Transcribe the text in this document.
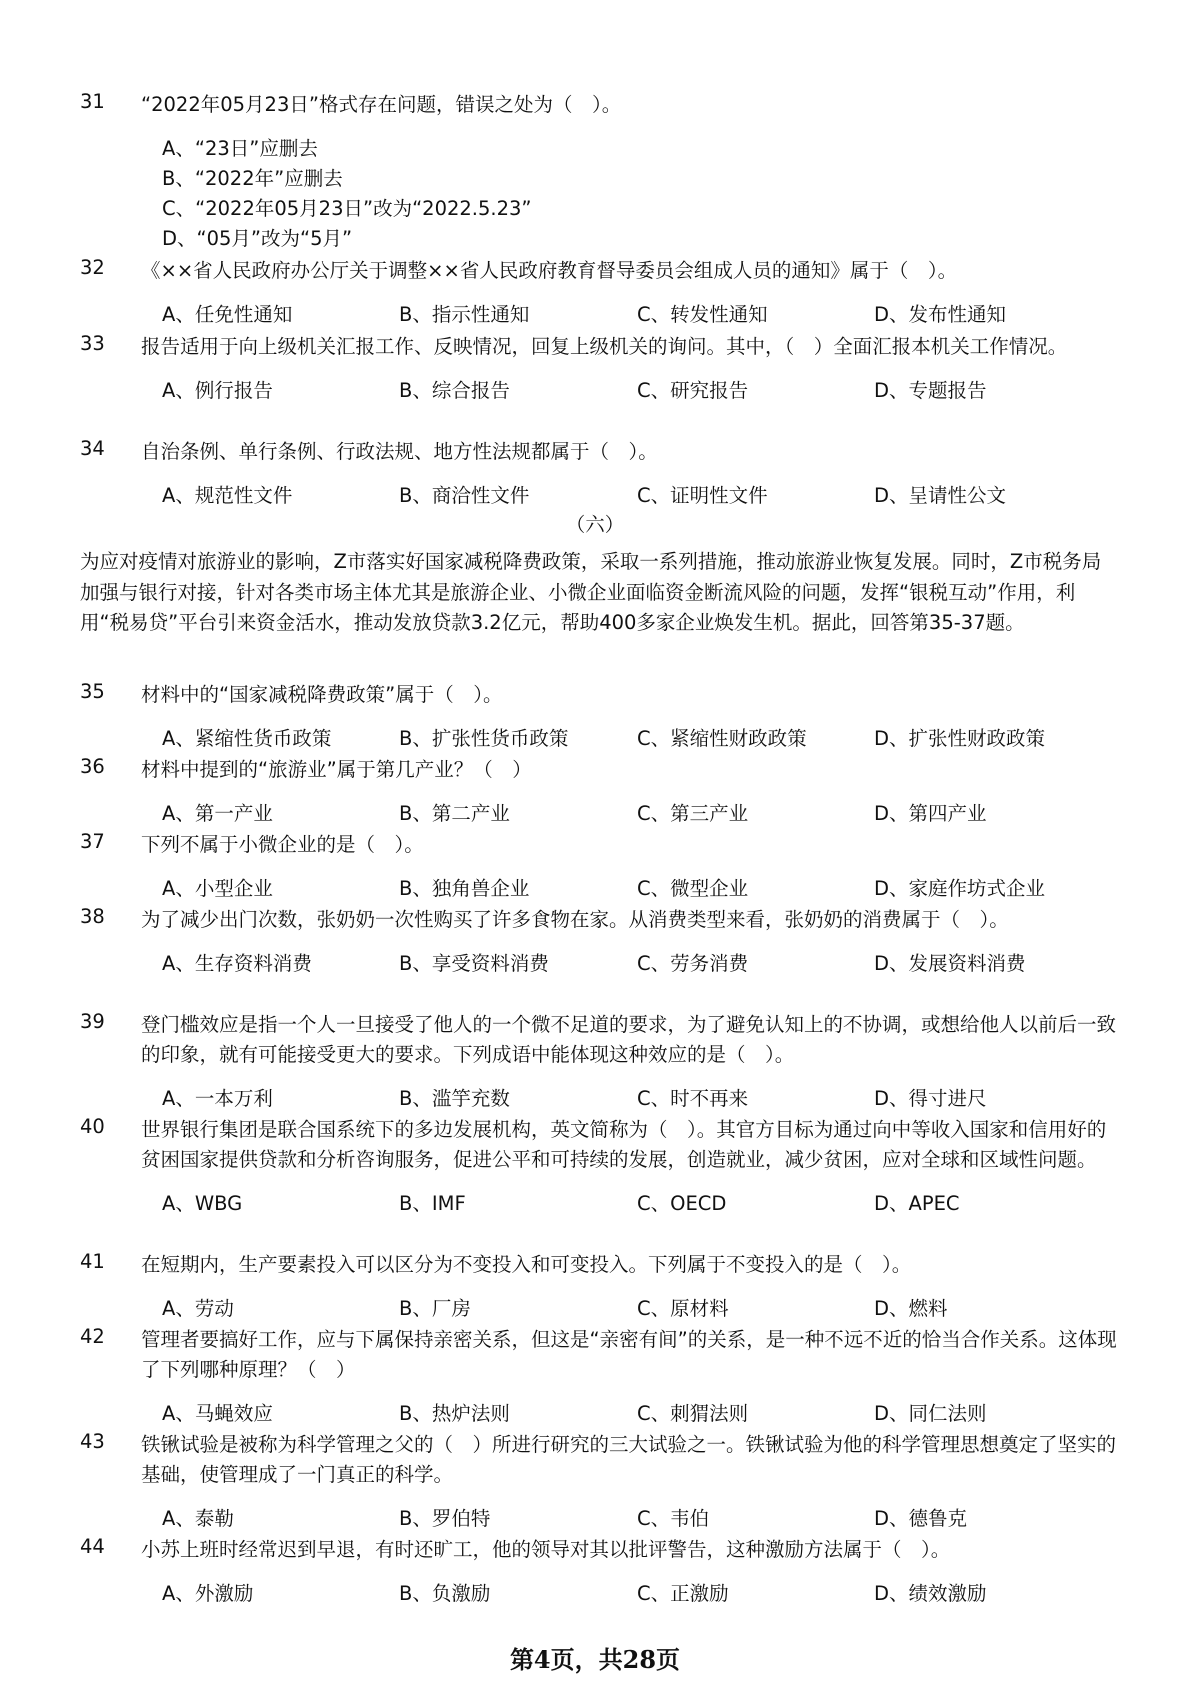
31	“2022年05月23日”格式存在问题，错误之处为（　）。
A、“23日”应删去
B、“2022年”应删去
C、“2022年05月23日”改为“2022.5.23”
D、“05月”改为“5月”
32	《××省人民政府办公厅关于调整××省人民政府教育督导委员会组成人员的通知》属于（　）。
A、任免性通知	B、指示性通知	C、转发性通知	D、发布性通知
33	报告适用于向上级机关汇报工作、反映情况，回复上级机关的询问。其中，（　）全面汇报本机关工作情况。
A、例行报告	B、综合报告	C、研究报告	D、专题报告
34	自治条例、单行条例、行政法规、地方性法规都属于（　）。
A、规范性文件	B、商洽性文件	C、证明性文件	D、呈请性公文
（六）
为应对疫情对旅游业的影响，Z市落实好国家减税降费政策，采取一系列措施，推动旅游业恢复发展。同时，Z市税务局加强与银行对接，针对各类市场主体尤其是旅游企业、小微企业面临资金断流风险的问题，发挥“银税互动”作用，利用“税易贷”平台引来资金活水，推动发放贷款3.2亿元，帮助400多家企业焕发生机。据此，回答第35-37题。
35	材料中的“国家减税降费政策”属于（　）。
A、紧缩性货币政策	B、扩张性货币政策	C、紧缩性财政政策	D、扩张性财政政策
36	材料中提到的“旅游业”属于第几产业？（　）
A、第一产业	B、第二产业	C、第三产业	D、第四产业
37	下列不属于小微企业的是（　）。
A、小型企业	B、独角兽企业	C、微型企业	D、家庭作坊式企业
38	为了减少出门次数，张奶奶一次性购买了许多食物在家。从消费类型来看，张奶奶的消费属于（　）。
A、生存资料消费	B、享受资料消费	C、劳务消费	D、发展资料消费
39	登门槛效应是指一个人一旦接受了他人的一个微不足道的要求，为了避免认知上的不协调，或想给他人以前后一致的印象，就有可能接受更大的要求。下列成语中能体现这种效应的是（　）。
A、一本万利	B、滥竽充数	C、时不再来	D、得寸进尺
40	世界银行集团是联合国系统下的多边发展机构，英文简称为（　）。其官方目标为通过向中等收入国家和信用好的贫困国家提供贷款和分析咨询服务，促进公平和可持续的发展，创造就业，减少贫困，应对全球和区域性问题。
A、WBG	B、IMF	C、OECD	D、APEC
41	在短期内，生产要素投入可以区分为不变投入和可变投入。下列属于不变投入的是（　）。
A、劳动	B、厂房	C、原材料	D、燃料
42	管理者要搞好工作，应与下属保持亲密关系，但这是“亲密有间”的关系，是一种不远不近的恰当合作关系。这体现了下列哪种原理？（　）
A、马蝇效应	B、热炉法则	C、刺猬法则	D、同仁法则
43	铁锹试验是被称为科学管理之父的（　）所进行研究的三大试验之一。铁锹试验为他的科学管理思想奠定了坚实的基础，使管理成了一门真正的科学。
A、泰勒	B、罗伯特	C、韦伯	D、德鲁克
44	小苏上班时经常迟到早退，有时还旷工，他的领导对其以批评警告，这种激励方法属于（　）。
A、外激励	B、负激励	C、正激励	D、绩效激励
第4页，共28页
